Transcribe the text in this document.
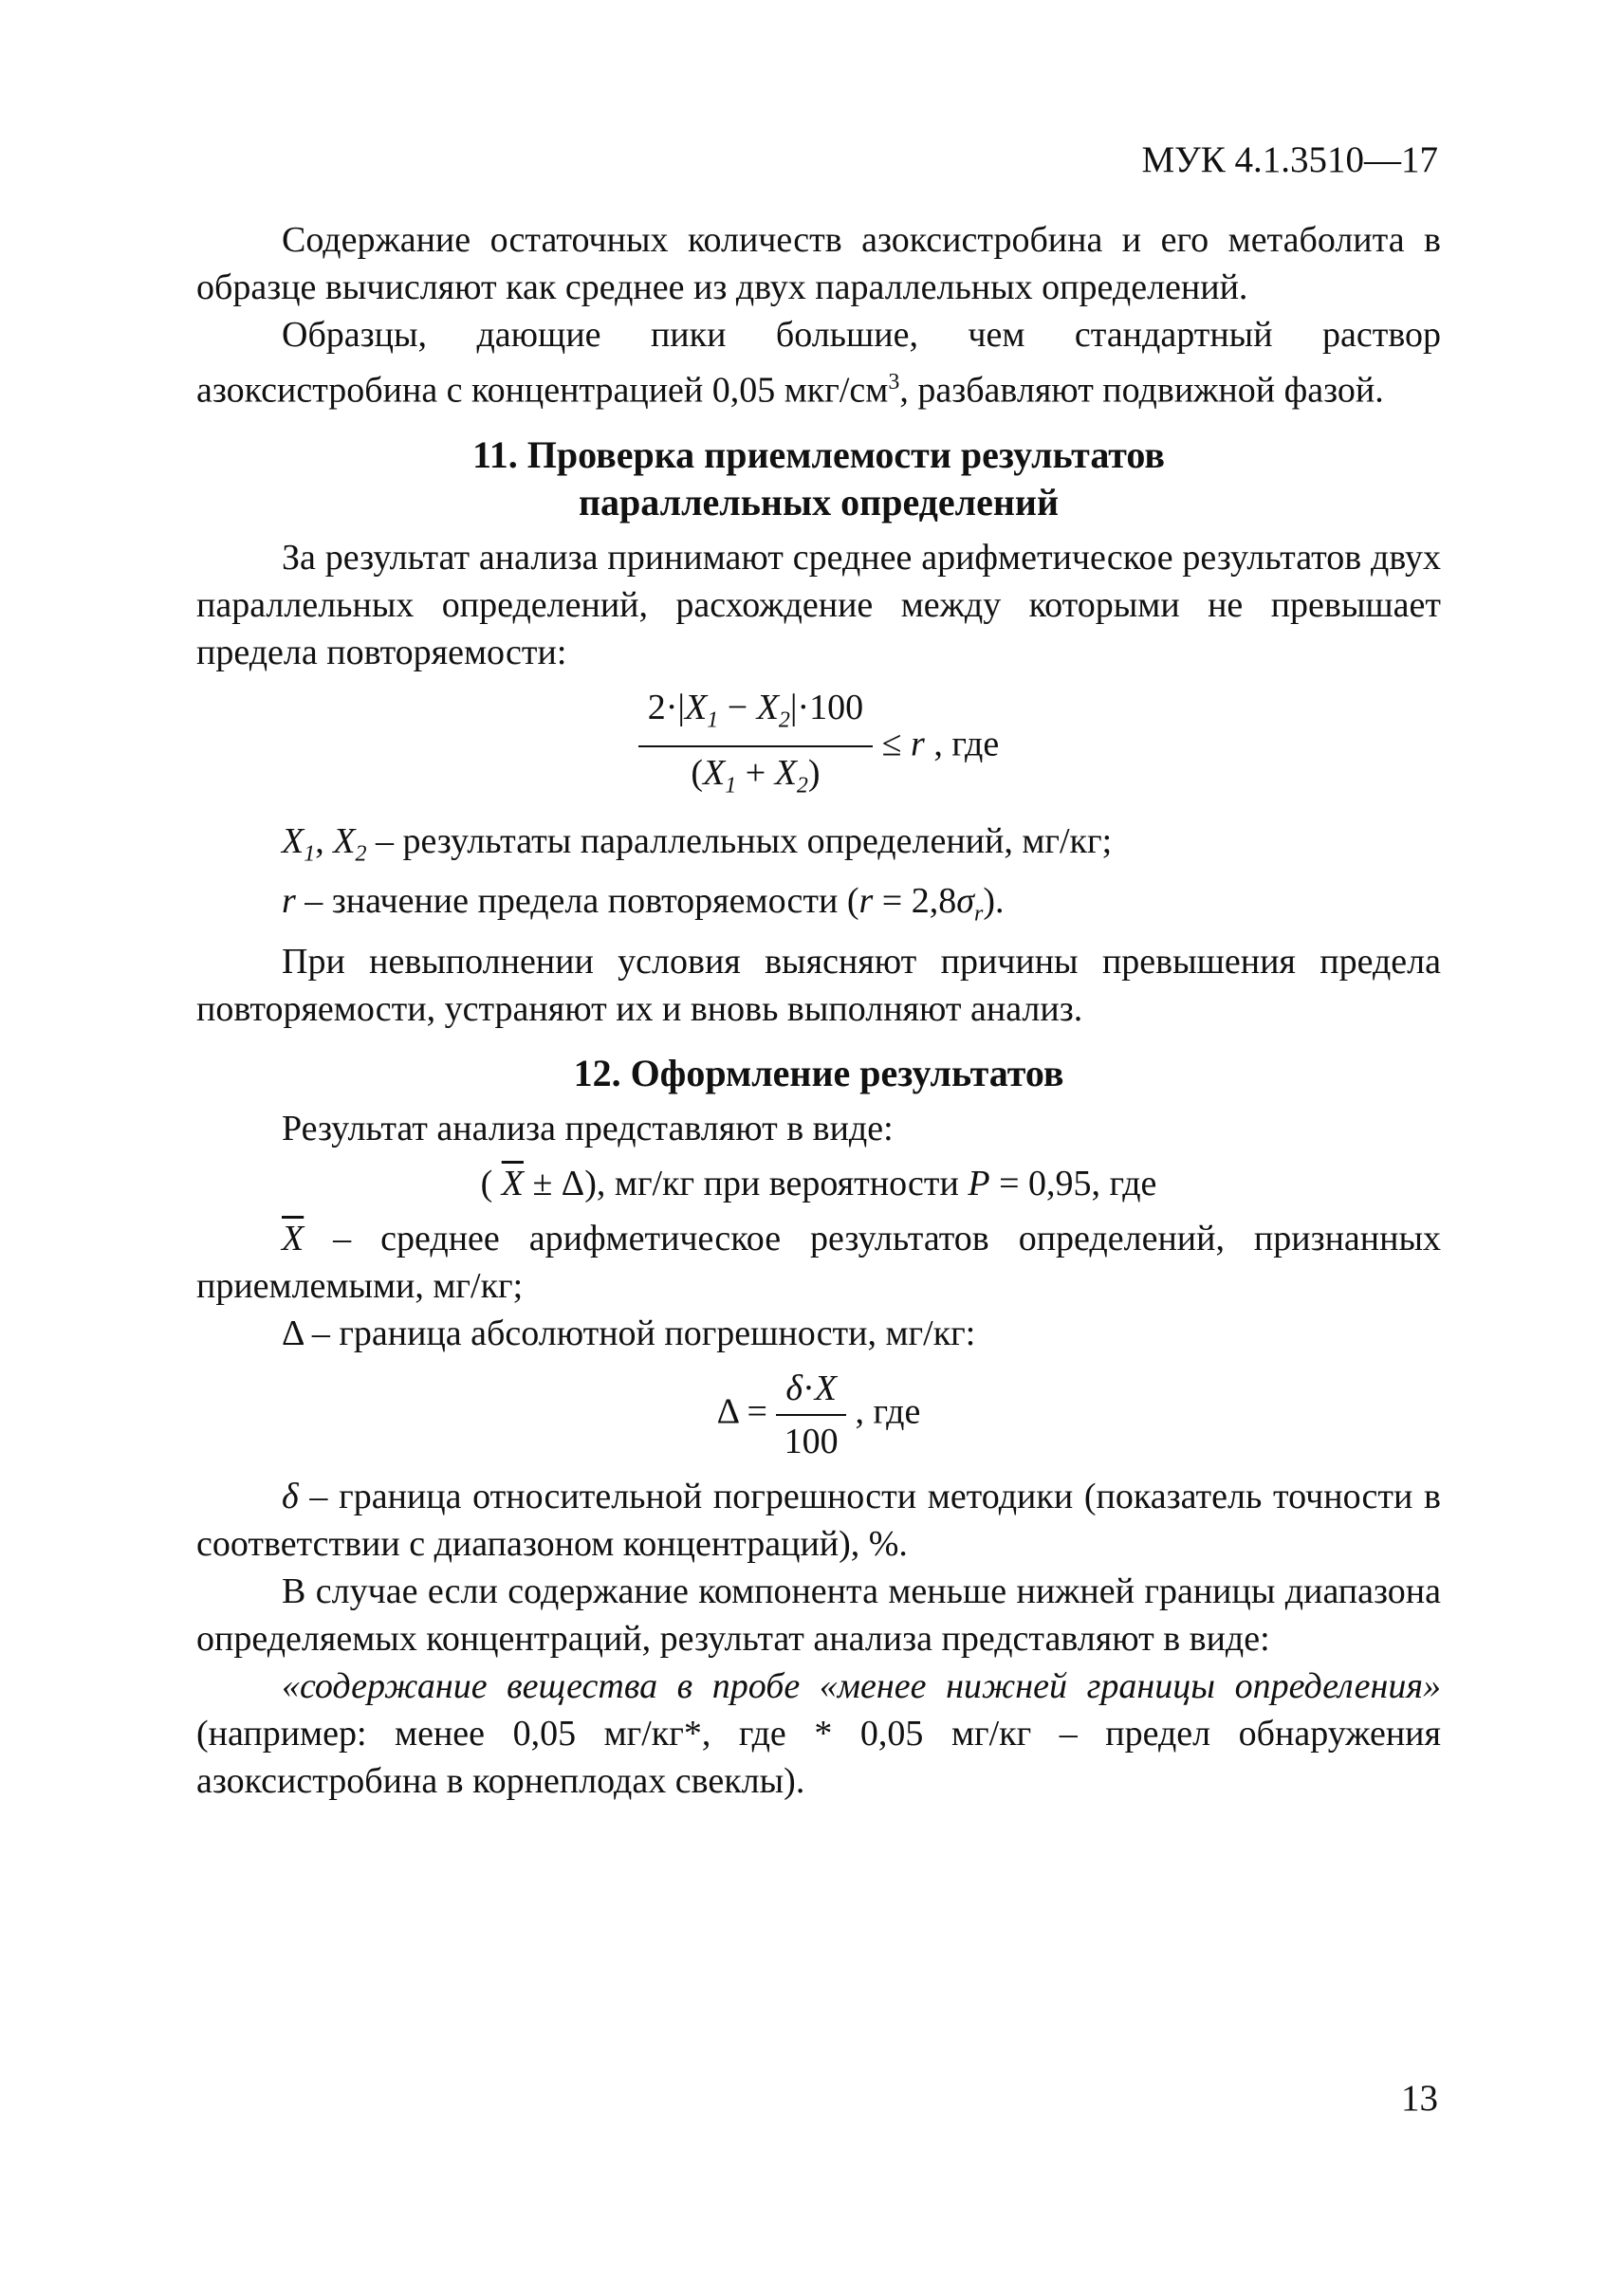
МУК 4.1.3510—17

Содержание остаточных количеств азоксистробина и его метаболита в образце вычисляют как среднее из двух параллельных определений.

Образцы, дающие пики большие, чем стандартный раствор азоксистробина с концентрацией 0,05 мкг/$см^3$, разбавляют подвижной фазой.

11. Проверка приемлемости результатов
параллельных определений

За результат анализа принимают среднее арифметическое результатов двух параллельных определений, расхождение между которыми не превышает предела повторяемости:

$\frac{2\cdot|X_1 - X_2|\cdot 100}{(X_1 + X_2)} \le r$ , где

$X_1$, $X_2$ – результаты параллельных определений, мг/кг;

r – значение предела повторяемости $(r = 2,8\sigma_r)$.

При невыполнении условия выясняют причины превышения предела повторяемости, устраняют их и вновь выполняют анализ.

12. Оформление результатов

Результат анализа представляют в виде:

( $\overline{X} \pm \Delta$), мг/кг при вероятности P = 0,95, где

$\overline{X}$ – среднее арифметическое результатов определений, признанных приемлемыми, мг/кг;

Δ – граница абсолютной погрешности, мг/кг:

$\Delta = \frac{\delta\cdot X}{100}$ , где

δ – граница относительной погрешности методики (показатель точности в соответствии с диапазоном концентраций), %.

В случае если содержание компонента меньше нижней границы диапазона определяемых концентраций, результат анализа представляют в виде:

«содержание вещества в пробе «менее нижней границы определения» (например: менее 0,05 мг/кг*, где * 0,05 мг/кг – предел обнаружения азоксистробина в корнеплодах свеклы).

13
